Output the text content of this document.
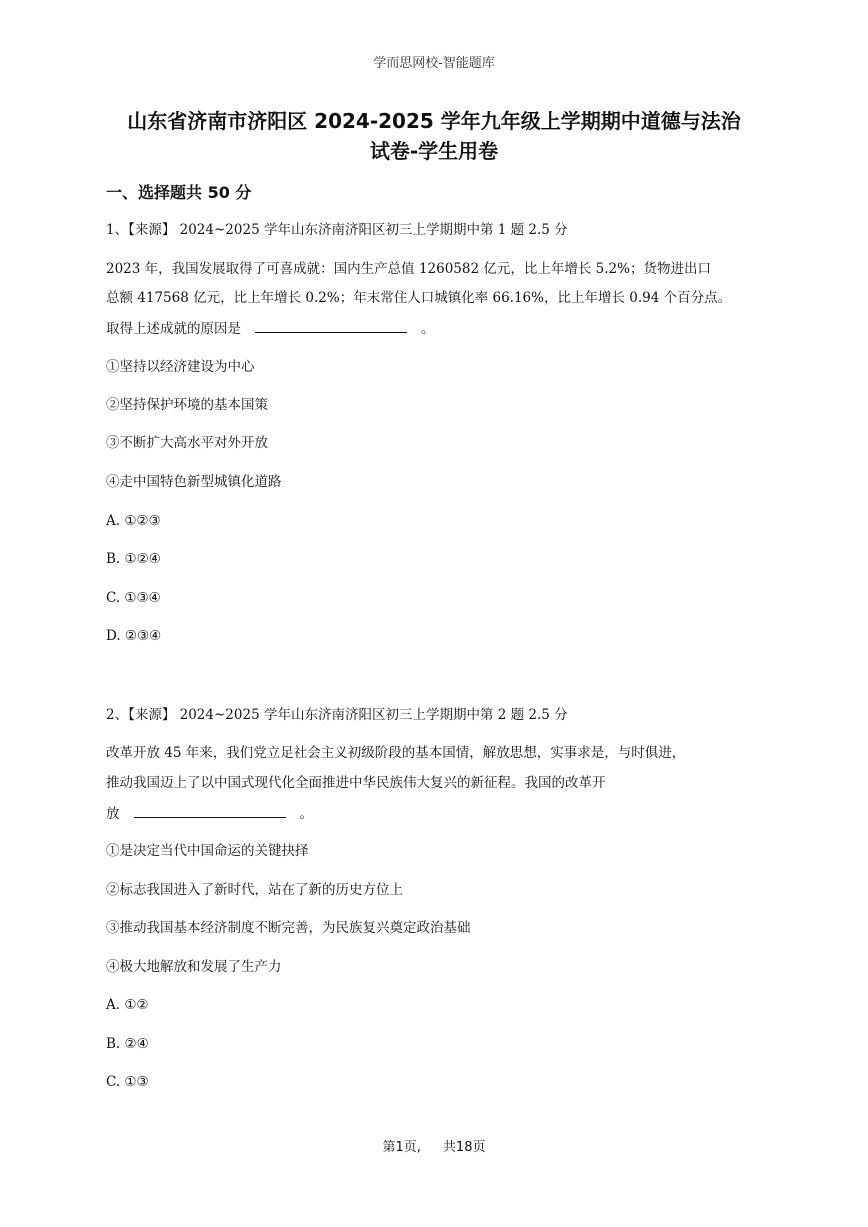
学而思网校-智能题库
山东省济南市济阳区 2024-2025 学年九年级上学期期中道德与法治
试卷-学生用卷
一、选择题共 50 分
1、【来源】 2024~2025 学年山东济南济阳区初三上学期期中第 1 题 2.5 分
2023 年，我国发展取得了可喜成就：国内生产总值 1260582 亿元，比上年增长 5.2%；货物进出口
总额 417568 亿元，比上年增长 0.2%；年末常住人口城镇化率 66.16%，比上年增长 0.94 个百分点。
取得上述成就的原因是	。
①坚持以经济建设为中心
②坚持保护环境的基本国策
③不断扩大高水平对外开放
④走中国特色新型城镇化道路
A. ①②③
B. ①②④
C. ①③④
D. ②③④
2、【来源】 2024~2025 学年山东济南济阳区初三上学期期中第 2 题 2.5 分
改革开放 45 年来，我们党立足社会主义初级阶段的基本国情，解放思想，实事求是，与时俱进，
推动我国迈上了以中国式现代化全面推进中华民族伟大复兴的新征程。我国的改革开
放	。
①是决定当代中国命运的关键抉择
②标志我国进入了新时代，站在了新的历史方位上
③推动我国基本经济制度不断完善，为民族复兴奠定政治基础
④极大地解放和发展了生产力
A. ①②
B. ②④
C. ①③
第1页, 共18页
